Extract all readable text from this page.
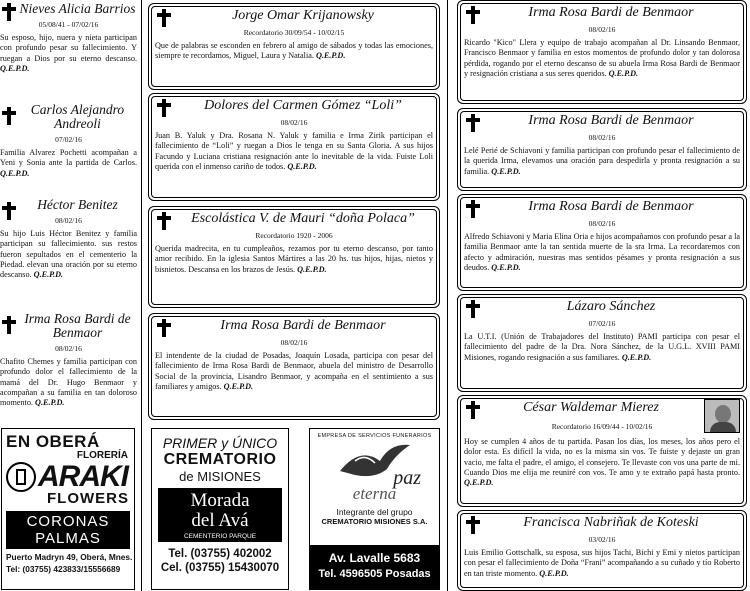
Nieves Alicia Barrios
05/08/41 - 07/02/16
Su esposo, hijo, nuera y nieta participan con profundo pesar su fallecimiento. Y ruegan a Dios por su eterno descanso. Q.E.P.D.
Carlos Alejandro Andreoli
07/02/16
Familia Alvarez Pochetti acompañan a Yeni y Sonia ante la partida de Carlos. Q.E.P.D.
Héctor Benitez
08/02/16
Su hijo Luis Héctor Benitez y familia participan su fallecimiento. sus restos fueron sepultados en el cementerio la Piedad. elevan una oración por su eterno descanso. Q.E.P.D.
Irma Rosa Bardi de Benmaor
08/02/16
Chafito Chemes y familia participan con profundo dolor el fallecimiento de la mamá del Dr. Hugo Benmaor y acompañan a su familia en tan doloroso momento. Q.E.P.D.
EN OBERÁ
FLORERÍA
ARAKI
FLOWERS
CORONAS
PALMAS
Puerto Madryn 49, Oberá, Mnes.
Tel: (03755) 423833/15556689
Jorge Omar Krijanowsky
Recordatorio 30/09/54 - 10/02/15
Que de palabras se esconden en febrero al amigo de sábados y todas las emociones, siempre te recordamos, Miguel, Laura y Natalia. Q.E.P.D.
Dolores del Carmen Gómez “Loli”
08/02/16
Juan B. Yaluk y Dra. Rosana N. Yaluk y familia e Irma Zirik participan el fallecimiento de “Loli” y ruegan a Dios le tenga en su Santa Gloria. A sus hijos Facundo y Luciana cristiana resignación ante lo inevitable de la vida. Fuiste Loli querida con el inmenso cariño de todos. Q.E.P.D.
Escolástica V. de Mauri “doña Polaca”
Recordatorio 1920 - 2006
Querida madrecita, en tu cumpleaños, rezamos por tu eterno descanso, por tanto amor recibido. En la iglesia Santos Mártires a las 20 hs. tus hijos, hijas, nietos y bisnietos. Descansa en los brazos de Jesús. Q.E.P.D.
Irma Rosa Bardi de Benmaor
08/02/16
El intendente de la ciudad de Posadas, Joaquín Losada, participa con pesar del fallecimiento de Irma Rosa Bardi de Benmaor, abuela del ministro de Desarrollo Social de la provincia, Lisandro Benmaor, y acompaña en el sentimiento a sus familiares y amigos. Q.E.P.D.
PRIMER y ÚNICO
CREMATORIO
de MISIONES
Morada
del Avá
CEMENTERIO PARQUE
Tel. (03755) 402002
Cel. (03755) 15430070
EMPRESA DE SERVICIOS FUNERARIOS
paz
eterna
Integrante del grupo
CREMATORIO MISIONES S.A.
Av. Lavalle 5683
Tel. 4596505 Posadas
Irma Rosa Bardi de Benmaor
08/02/16
Ricardo "Kico" Llera y equipo de trabajo acompañan al Dr. Linsando Benmaor, Francisco Benmaor y familia en estos momentos de profundo dolor y tan dolorosa pérdida, rogando por el eterno descanso de su abuela Irma Rosa Bardi de Benmaor y resignación cristiana a sus seres queridos. Q.E.P.D.
Irma Rosa Bardi de Benmaor
08/02/16
Lelé Perié de Schiavoni y familia participan con profundo pesar el fallecimiento de la querida Irma, elevamos una oración para despedirla y pronta resignación a su familia. Q.E.P.D.
Irma Rosa Bardi de Benmaor
08/02/16
Alfredo Schiavoni y Maria Elina Oria e hijos acompañamos con profundo pesar a la familia Benmaor ante la tan sentida muerte de la sra Irma. La recordaremos con afecto y admiración, nuestras mas sentidos pésames y pronta resignación a sus deudos. Q.E.P.D.
Lázaro Sánchez
07/02/16
La U.T.I. (Unión de Trabajadores del Instituto) PAMI participa con pesar el fallecimiento del padre de la Dra. Nora Sánchez, de la U.G.L. XVIII PAMI Misiones, rogando resignación a sus familiares. Q.E.P.D.
César Waldemar Mierez
Recordatorio 16/09/44 - 10/02/16
Hoy se cumplen 4 años de tu partida. Pasan los días, los meses, los años pero el dolor esta. Es difícil la vida, no es la misma sin vos. Te fuiste y dejaste un gran vacio, me falta el padre, el amigo, el consejero. Te llevaste con vos una parte de mi. Cuando Dios me elija me reuniré con vos. Te amo y te extraño papá hasta pronto. Q.E.P.D.
Francisca Nabriñak de Koteski
03/02/16
Luis Emilio Gottschalk, su esposa, sus hijos Tachi, Bichi y Emi y nietos participan con pesar el fallecimiento de Doña “Frani” acompañando a su cuñado y tío Roberto en tan triste momento. Q.E.P.D.
